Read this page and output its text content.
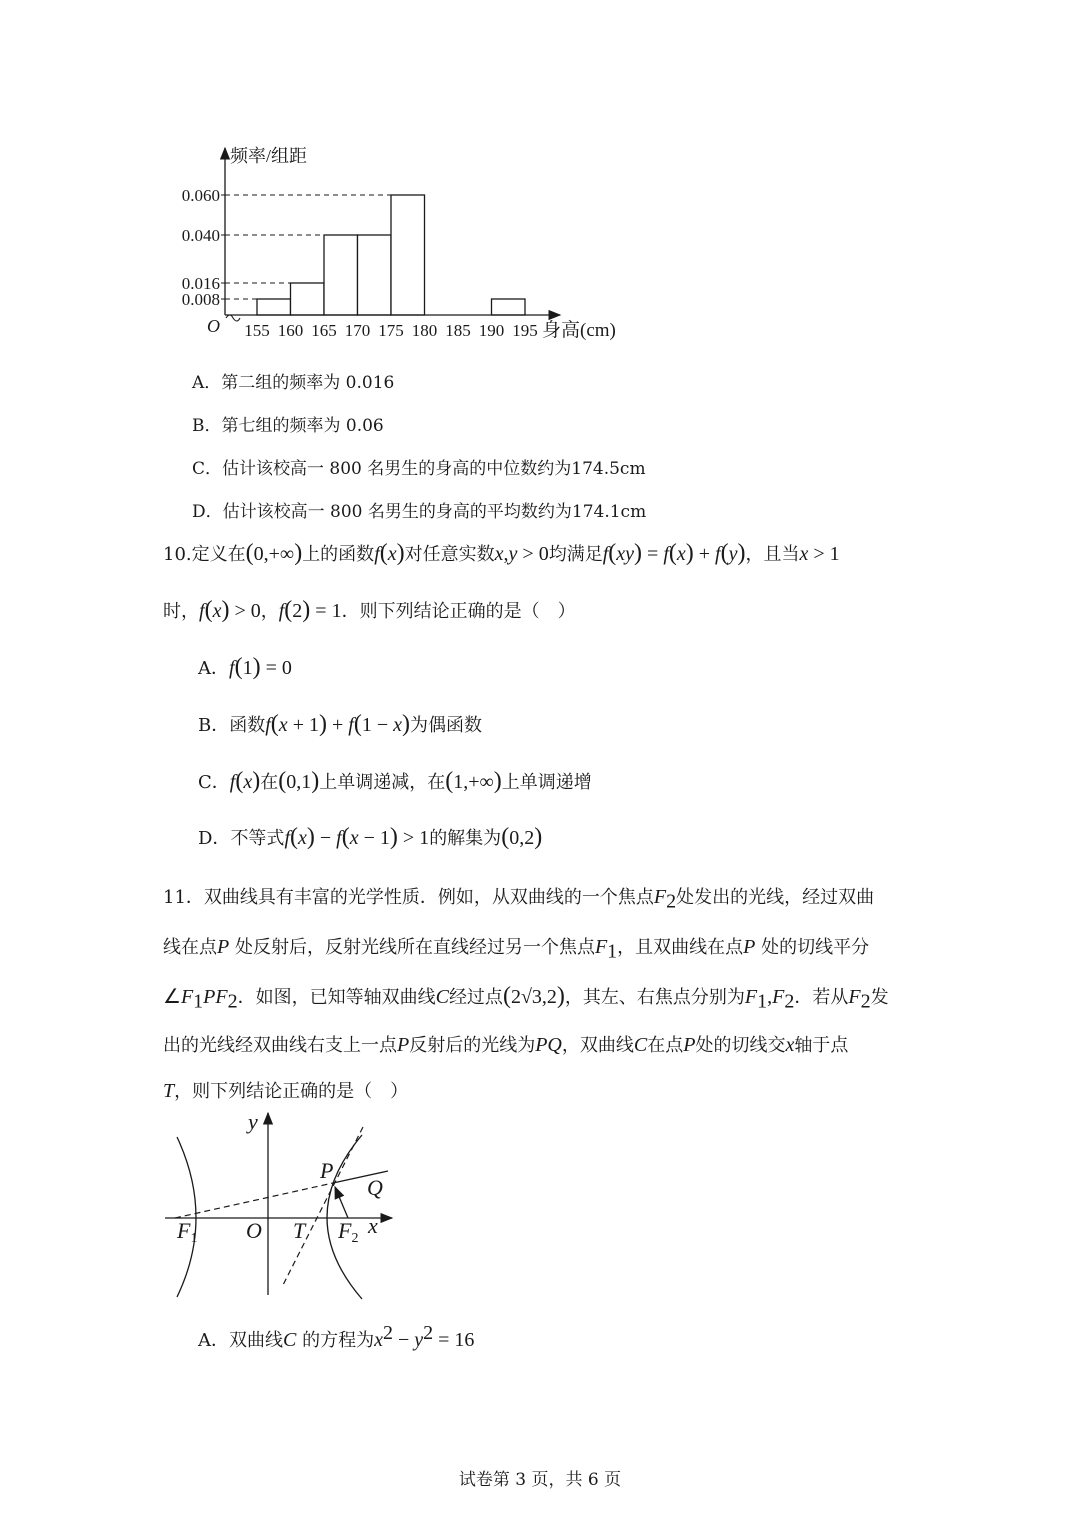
频率/组距
O
0.060
0.040
0.016
0.008
155 160 165 170 175 180 185 190 195 身高(cm)
A．第二组的频率为 0.016
B．第七组的频率为 0.06
C．估计该校高一 800 名男生的身高的中位数约为174.5cm
D．估计该校高一 800 名男生的身高的平均数约为174.1cm
10.定义在(0,+∞)上的函数f(x)对任意实数x,y > 0均满足f(xy) = f(x) + f(y)，且当x > 1
时，f(x) > 0，f(2) = 1．则下列结论正确的是（　）
A．f(1) = 0
B．函数f(x + 1) + f(1 − x)为偶函数
C．f(x)在(0,1)上单调递减，在(1,+∞)上单调递增
D．不等式f(x) − f(x − 1) > 1的解集为(0,2)
11．双曲线具有丰富的光学性质．例如，从双曲线的一个焦点$F_2$处发出的光线，经过双曲
线在点P 处反射后，反射光线所在直线经过另一个焦点$F_1$，且双曲线在点P 处的切线平分
$\angle F_1PF_2$．如图，已知等轴双曲线C经过点(2√3,2)，其左、右焦点分别为$F_1,F_2$．若从$F_2$发
出的光线经双曲线右支上一点P反射后的光线为PQ，双曲线C在点P处的切线交x轴于点
T，则下列结论正确的是（　）
y
x
O
P
Q
T
F1	F2
A．双曲线C 的方程为$x^2 - y^2 = 16$
试卷第 3 页，共 6 页
